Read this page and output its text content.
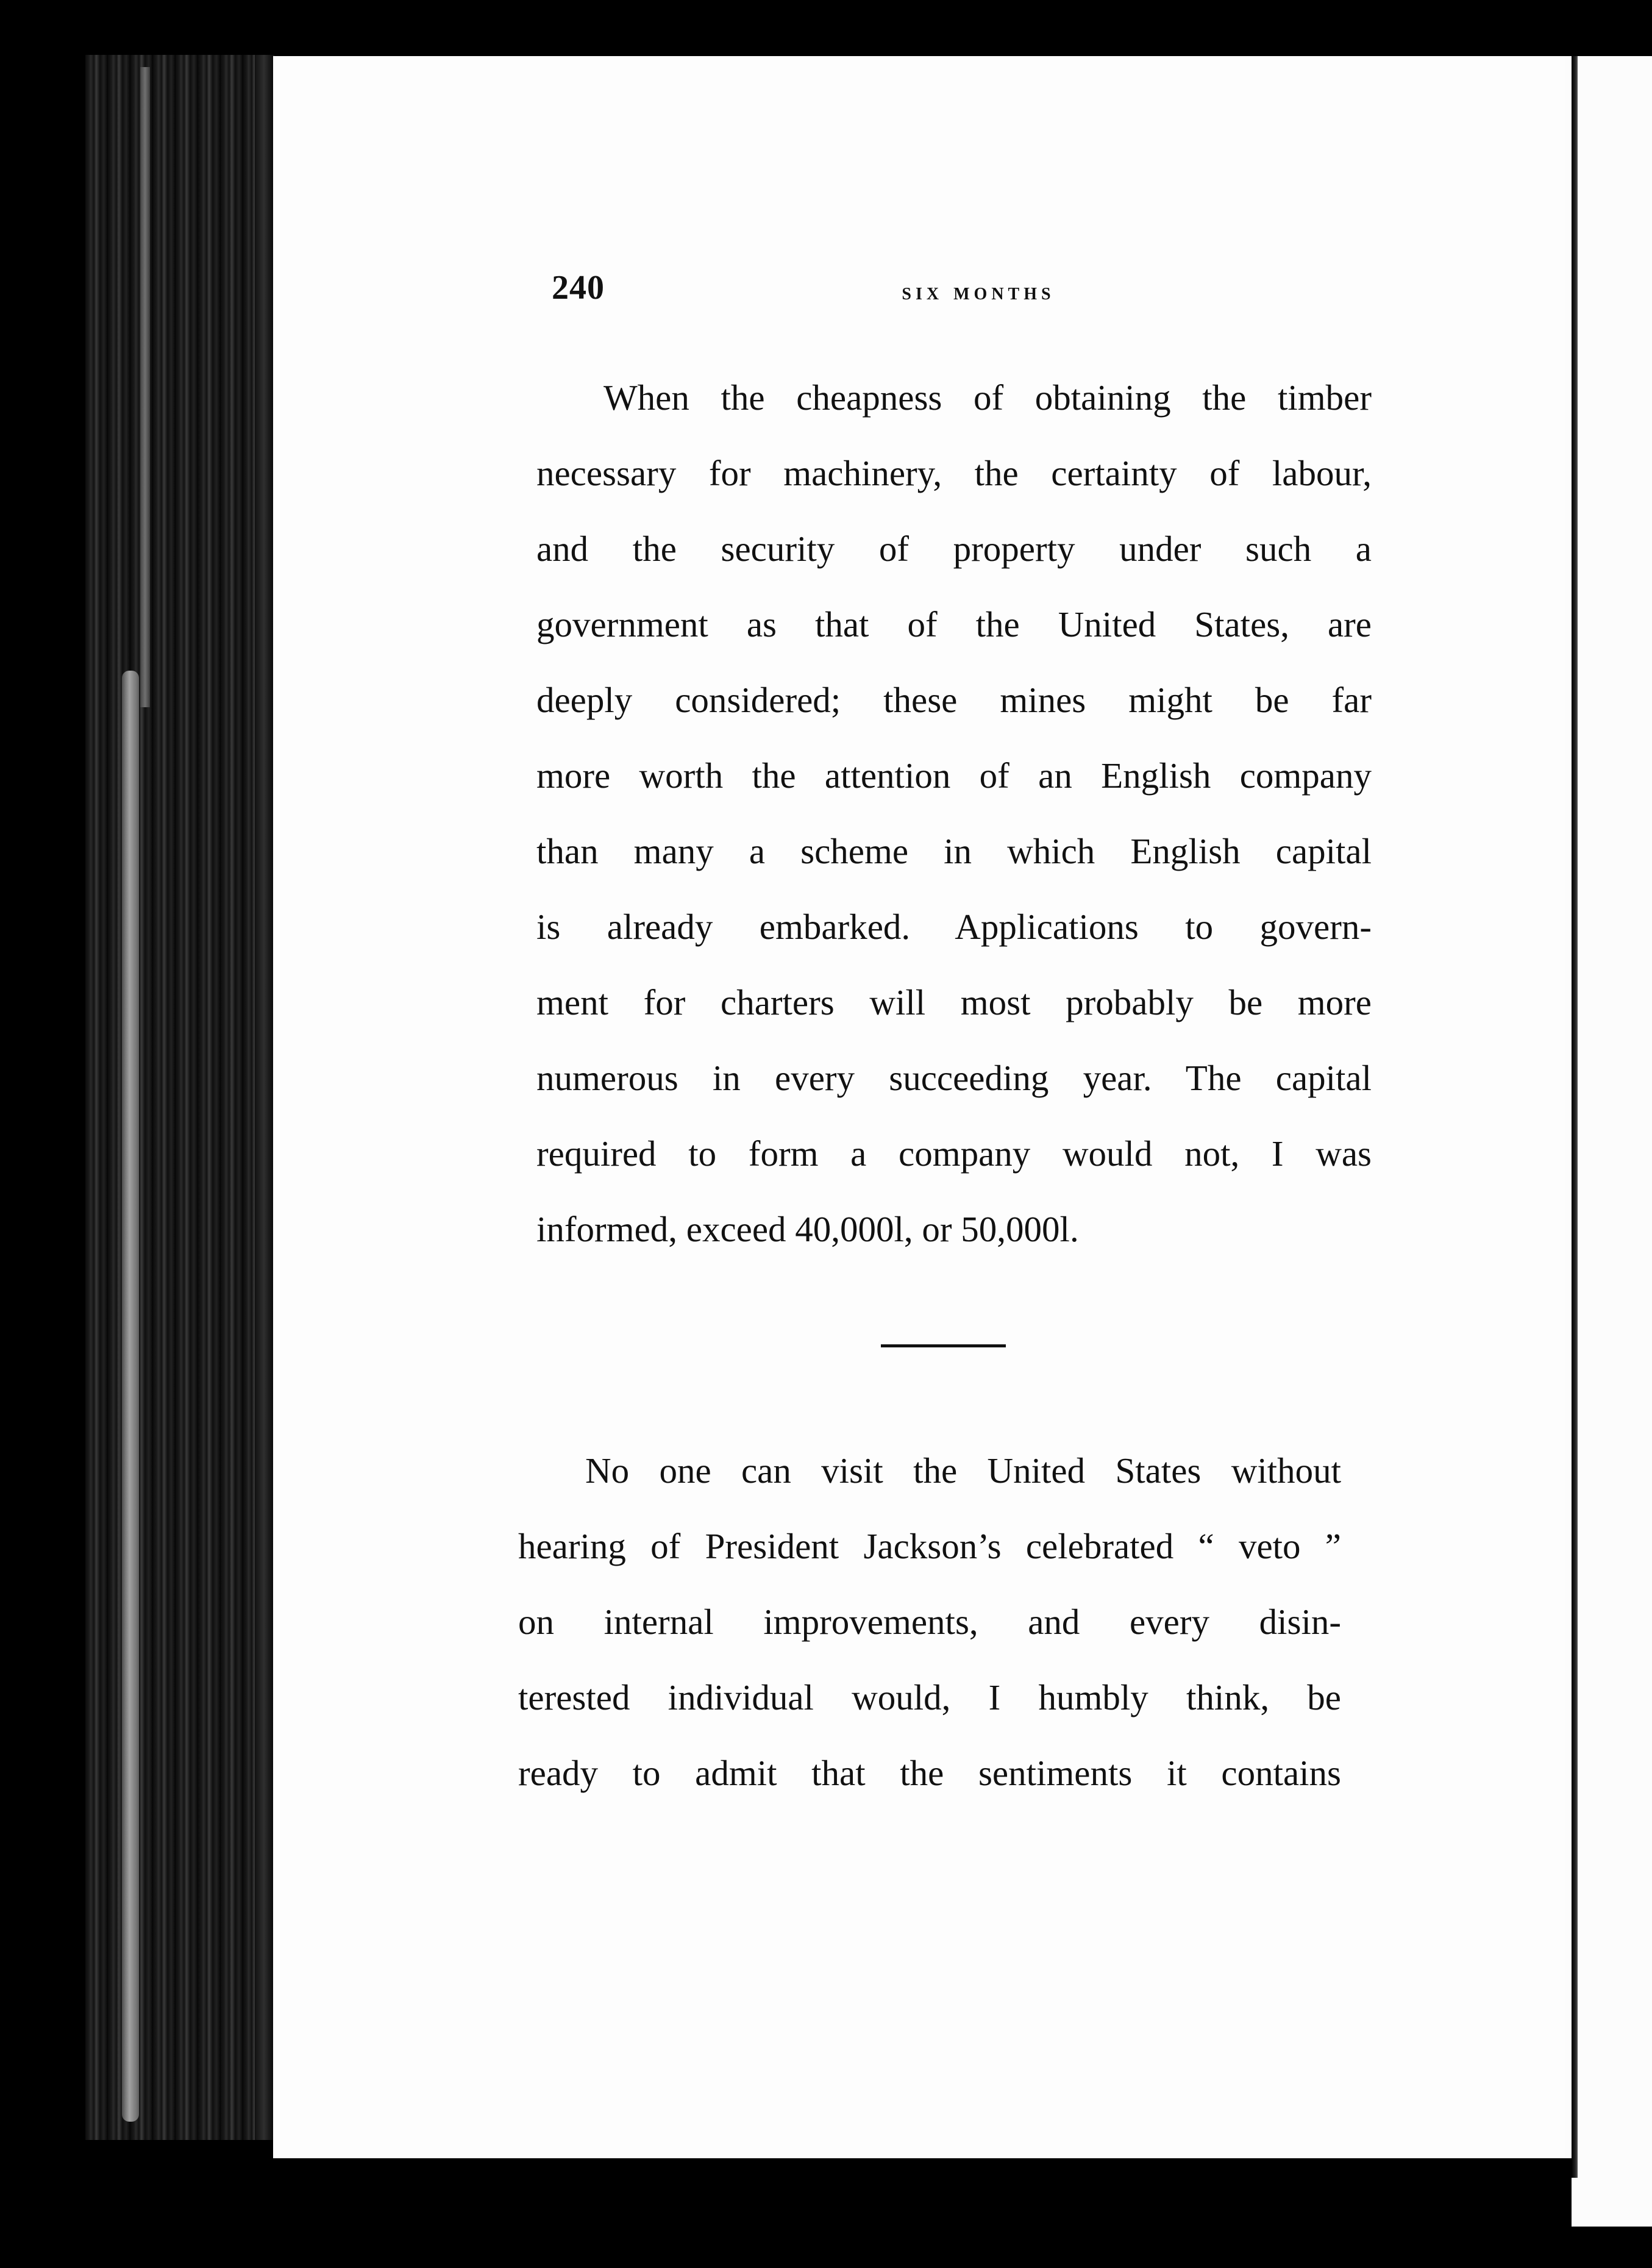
240	six months
When the cheapness of obtaining the timber
necessary for machinery, the certainty of labour,
and the security of property under such a
government as that of the United States, are
deeply considered; these mines might be far
more worth the attention of an English company
than many a scheme in which English capital
is already embarked. Applications to govern-
ment for charters will most probably be more
numerous in every succeeding year. The capital
required to form a company would not, I was
informed, exceed 40,000l, or 50,000l.
No one can visit the United States without
hearing of President Jackson’s celebrated “ veto ”
on internal improvements, and every disin-
terested individual would, I humbly think, be
ready to admit that the sentiments it contains
